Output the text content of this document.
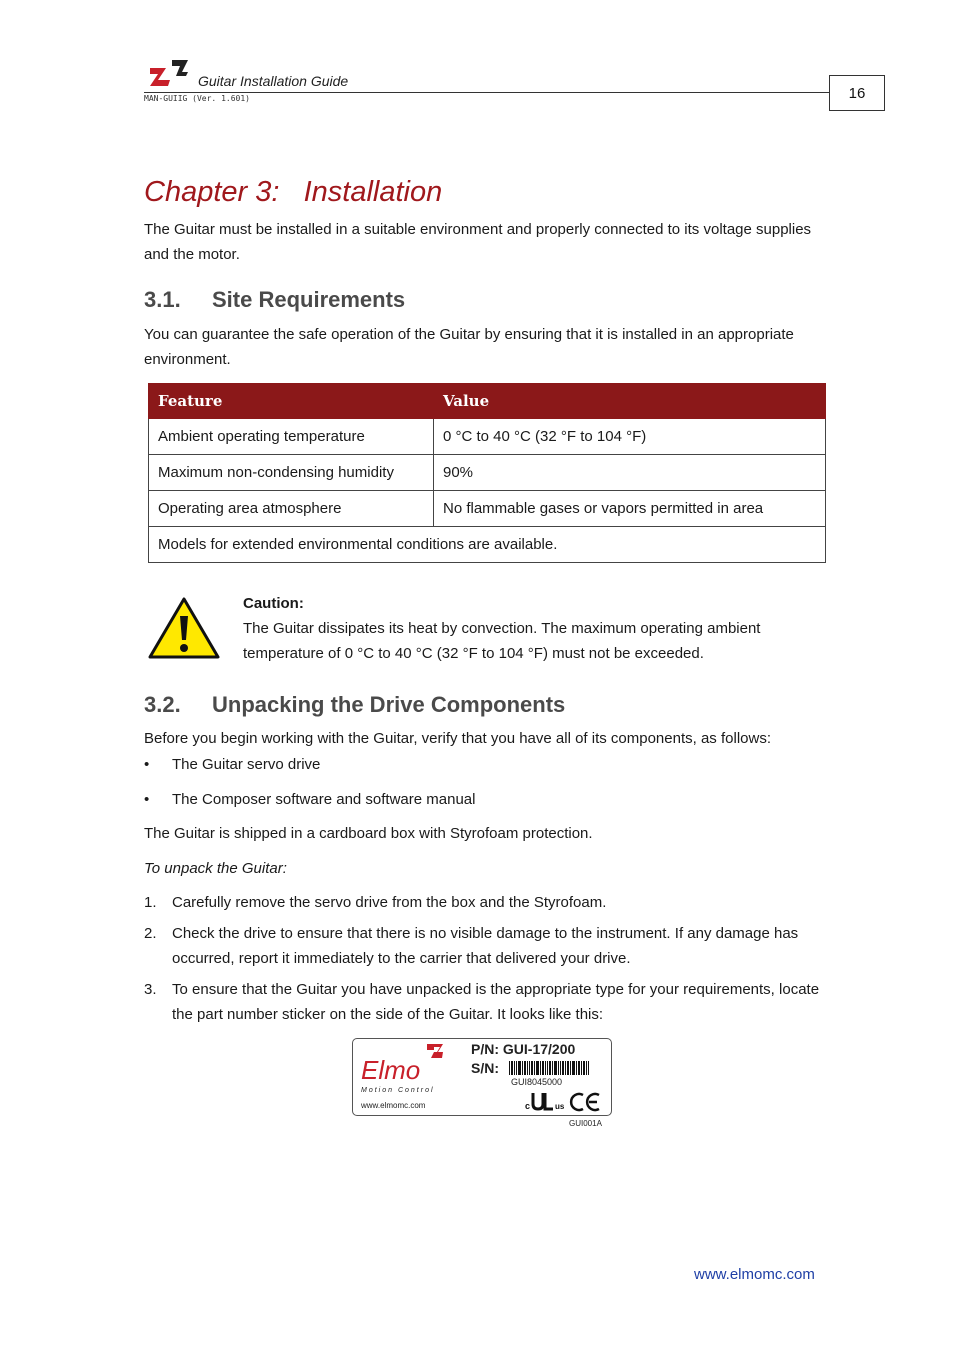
Guitar Installation Guide
MAN-GUIIG (Ver. 1.601)	16
Chapter 3:   Installation
The Guitar must be installed in a suitable environment and properly connected to its voltage supplies and the motor.
3.1. Site Requirements
You can guarantee the safe operation of the Guitar by ensuring that it is installed in an appropriate environment.
Feature	Value
Ambient operating temperature	0 °C to 40 °C (32 °F to 104 °F)
Maximum non-condensing humidity	90%
Operating area atmosphere	No flammable gases or vapors permitted in area
Models for extended environmental conditions are available.	
Caution:
The Guitar dissipates its heat by convection. The maximum operating ambient temperature of 0 °C to 40 °C (32 °F to 104 °F) must not be exceeded.
3.2. Unpacking the Drive Components
Before you begin working with the Guitar, verify that you have all of its components, as follows:
• The Guitar servo drive
• The Composer software and software manual
The Guitar is shipped in a cardboard box with Styrofoam protection.
To unpack the Guitar:
1. Carefully remove the servo drive from the box and the Styrofoam.
2. Check the drive to ensure that there is no visible damage to the instrument. If any damage has occurred, report it immediately to the carrier that delivered your drive.
3. To ensure that the Guitar you have unpacked is the appropriate type for your requirements, locate the part number sticker on the side of the Guitar. It looks like this:
Elmo
Motion Control
www.elmomc.com
P/N: GUI-17/200
S/N:
GUI8045000
c	us
GUI001A
www.elmomc.com
